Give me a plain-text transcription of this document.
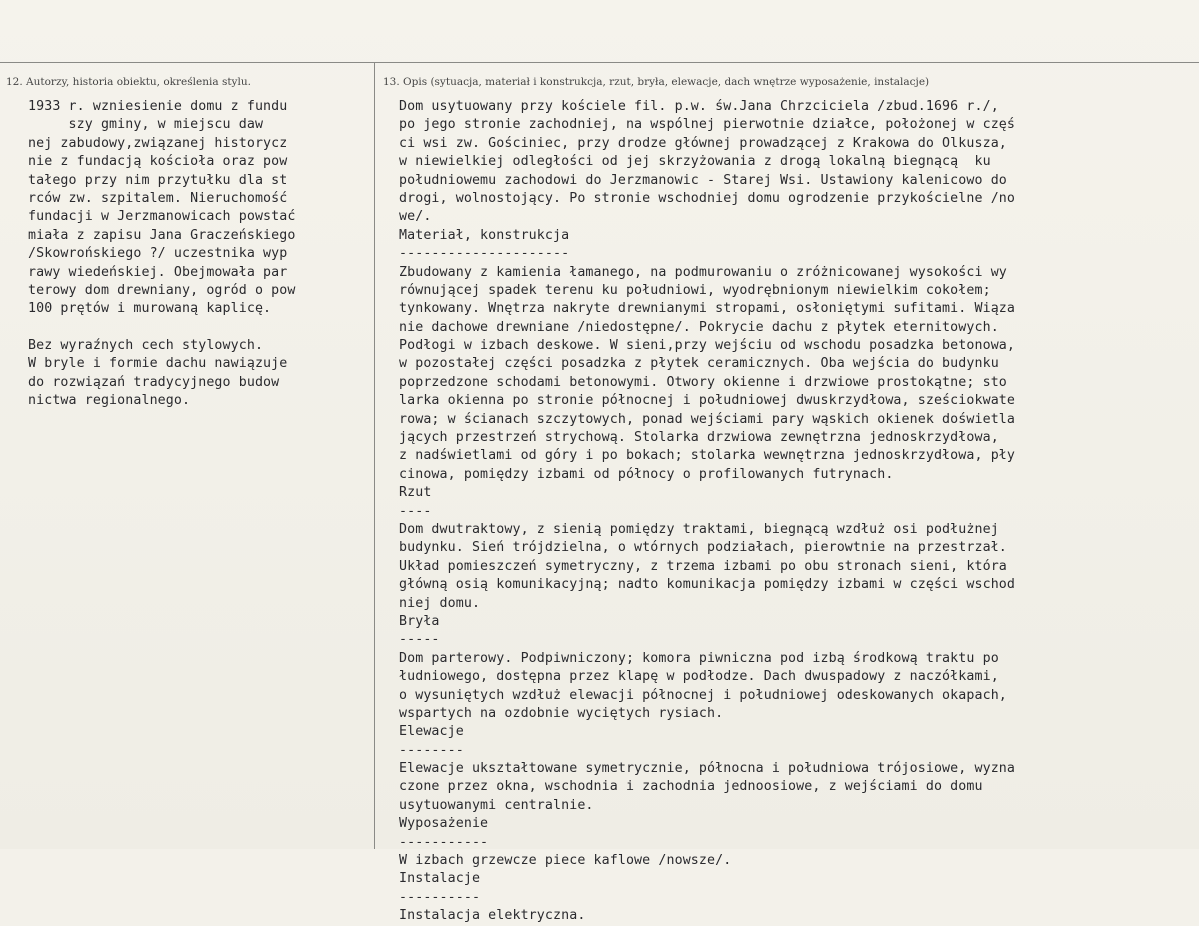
12. Autorzy, historia obiektu, określenia stylu.	13. Opis (sytuacja, materiał i konstrukcja, rzut, bryła, elewacje, dach wnętrze wyposażenie, instalacje)
1933 r. wzniesienie domu z fundu
szy gminy, w miejscu daw
nej zabudowy,związanej historycz
nie z fundacją kościoła oraz pow
tałego przy nim przytułku dla st
rców zw. szpitalem. Nieruchomość
fundacji w Jerzmanowicach powstać
miała z zapisu Jana Graczeńskiego
/Skowrońskiego ?/ uczestnika wyp
rawy wiedeńskiej. Obejmowała par
terowy dom drewniany, ogród o pow
100 prętów i murowaną kaplicę.
Bez wyraźnych cech stylowych.
W bryle i formie dachu nawiązuje
do rozwiązań tradycyjnego budow
nictwa regionalnego.
Dom usytuowany przy kościele fil. p.w. św.Jana Chrzciciela /zbud.1696 r./,
po jego stronie zachodniej, na wspólnej pierwotnie działce, położonej w częś
ci wsi zw. Gościniec, przy drodze głównej prowadzącej z Krakowa do Olkusza,
w niewielkiej odległości od jej skrzyżowania z drogą lokalną biegnącą  ku
południowemu zachodowi do Jerzmanowic - Starej Wsi. Ustawiony kalenicowo do
drogi, wolnostojący. Po stronie wschodniej domu ogrodzenie przykościelne /no
we/.
Materiał, konstrukcja
---------------------
Zbudowany z kamienia łamanego, na podmurowaniu o zróżnicowanej wysokości wy
równującej spadek terenu ku południowi, wyodrębnionym niewielkim cokołem;
tynkowany. Wnętrza nakryte drewnianymi stropami, osłoniętymi sufitami. Wiąza
nie dachowe drewniane /niedostępne/. Pokrycie dachu z płytek eternitowych.
Podłogi w izbach deskowe. W sieni,przy wejściu od wschodu posadzka betonowa,
w pozostałej części posadzka z płytek ceramicznych. Oba wejścia do budynku
poprzedzone schodami betonowymi. Otwory okienne i drzwiowe prostokątne; sto
larka okienna po stronie północnej i południowej dwuskrzydłowa, sześciokwate
rowa; w ścianach szczytowych, ponad wejściami pary wąskich okienek doświetla
jących przestrzeń strychową. Stolarka drzwiowa zewnętrzna jednoskrzydłowa,
z nadświetlami od góry i po bokach; stolarka wewnętrzna jednoskrzydłowa, pły
cinowa, pomiędzy izbami od północy o profilowanych futrynach.
Rzut
----
Dom dwutraktowy, z sienią pomiędzy traktami, biegnącą wzdłuż osi podłużnej
budynku. Sień trójdzielna, o wtórnych podziałach, pierowtnie na przestrzał.
Układ pomieszczeń symetryczny, z trzema izbami po obu stronach sieni, która
główną osią komunikacyjną; nadto komunikacja pomiędzy izbami w części wschod
niej domu.
Bryła
-----
Dom parterowy. Podpiwniczony; komora piwniczna pod izbą środkową traktu po
łudniowego, dostępna przez klapę w podłodze. Dach dwuspadowy z naczółkami,
o wysuniętych wzdłuż elewacji północnej i południowej odeskowanych okapach,
wspartych na ozdobnie wyciętych rysiach.
Elewacje
--------
Elewacje ukształtowane symetrycznie, północna i południowa trójosiowe, wyzna
czone przez okna, wschodnia i zachodnia jednoosiowe, z wejściami do domu
usytuowanymi centralnie.
Wyposażenie
-----------
W izbach grzewcze piece kaflowe /nowsze/.
Instalacje
----------
Instalacja elektryczna.
